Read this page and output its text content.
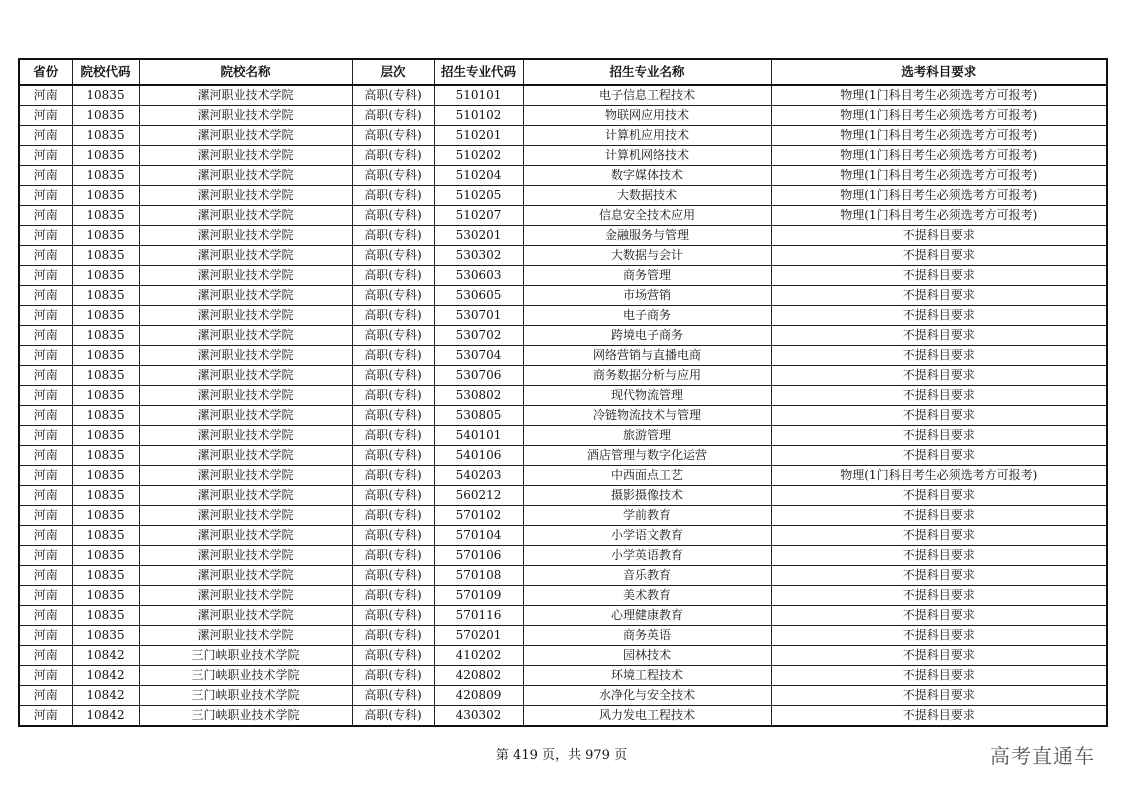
省份	院校代码	院校名称	层次	招生专业代码	招生专业名称	选考科目要求
河南	10835	漯河职业技术学院	高职(专科)	510101	电子信息工程技术	物理(1门科目考生必须选考方可报考)
河南	10835	漯河职业技术学院	高职(专科)	510102	物联网应用技术	物理(1门科目考生必须选考方可报考)
河南	10835	漯河职业技术学院	高职(专科)	510201	计算机应用技术	物理(1门科目考生必须选考方可报考)
河南	10835	漯河职业技术学院	高职(专科)	510202	计算机网络技术	物理(1门科目考生必须选考方可报考)
河南	10835	漯河职业技术学院	高职(专科)	510204	数字媒体技术	物理(1门科目考生必须选考方可报考)
河南	10835	漯河职业技术学院	高职(专科)	510205	大数据技术	物理(1门科目考生必须选考方可报考)
河南	10835	漯河职业技术学院	高职(专科)	510207	信息安全技术应用	物理(1门科目考生必须选考方可报考)
河南	10835	漯河职业技术学院	高职(专科)	530201	金融服务与管理	不提科目要求
河南	10835	漯河职业技术学院	高职(专科)	530302	大数据与会计	不提科目要求
河南	10835	漯河职业技术学院	高职(专科)	530603	商务管理	不提科目要求
河南	10835	漯河职业技术学院	高职(专科)	530605	市场营销	不提科目要求
河南	10835	漯河职业技术学院	高职(专科)	530701	电子商务	不提科目要求
河南	10835	漯河职业技术学院	高职(专科)	530702	跨境电子商务	不提科目要求
河南	10835	漯河职业技术学院	高职(专科)	530704	网络营销与直播电商	不提科目要求
河南	10835	漯河职业技术学院	高职(专科)	530706	商务数据分析与应用	不提科目要求
河南	10835	漯河职业技术学院	高职(专科)	530802	现代物流管理	不提科目要求
河南	10835	漯河职业技术学院	高职(专科)	530805	冷链物流技术与管理	不提科目要求
河南	10835	漯河职业技术学院	高职(专科)	540101	旅游管理	不提科目要求
河南	10835	漯河职业技术学院	高职(专科)	540106	酒店管理与数字化运营	不提科目要求
河南	10835	漯河职业技术学院	高职(专科)	540203	中西面点工艺	物理(1门科目考生必须选考方可报考)
河南	10835	漯河职业技术学院	高职(专科)	560212	摄影摄像技术	不提科目要求
河南	10835	漯河职业技术学院	高职(专科)	570102	学前教育	不提科目要求
河南	10835	漯河职业技术学院	高职(专科)	570104	小学语文教育	不提科目要求
河南	10835	漯河职业技术学院	高职(专科)	570106	小学英语教育	不提科目要求
河南	10835	漯河职业技术学院	高职(专科)	570108	音乐教育	不提科目要求
河南	10835	漯河职业技术学院	高职(专科)	570109	美术教育	不提科目要求
河南	10835	漯河职业技术学院	高职(专科)	570116	心理健康教育	不提科目要求
河南	10835	漯河职业技术学院	高职(专科)	570201	商务英语	不提科目要求
河南	10842	三门峡职业技术学院	高职(专科)	410202	园林技术	不提科目要求
河南	10842	三门峡职业技术学院	高职(专科)	420802	环境工程技术	不提科目要求
河南	10842	三门峡职业技术学院	高职(专科)	420809	水净化与安全技术	不提科目要求
河南	10842	三门峡职业技术学院	高职(专科)	430302	风力发电工程技术	不提科目要求
第 419 页，共 979 页	高考直通车
